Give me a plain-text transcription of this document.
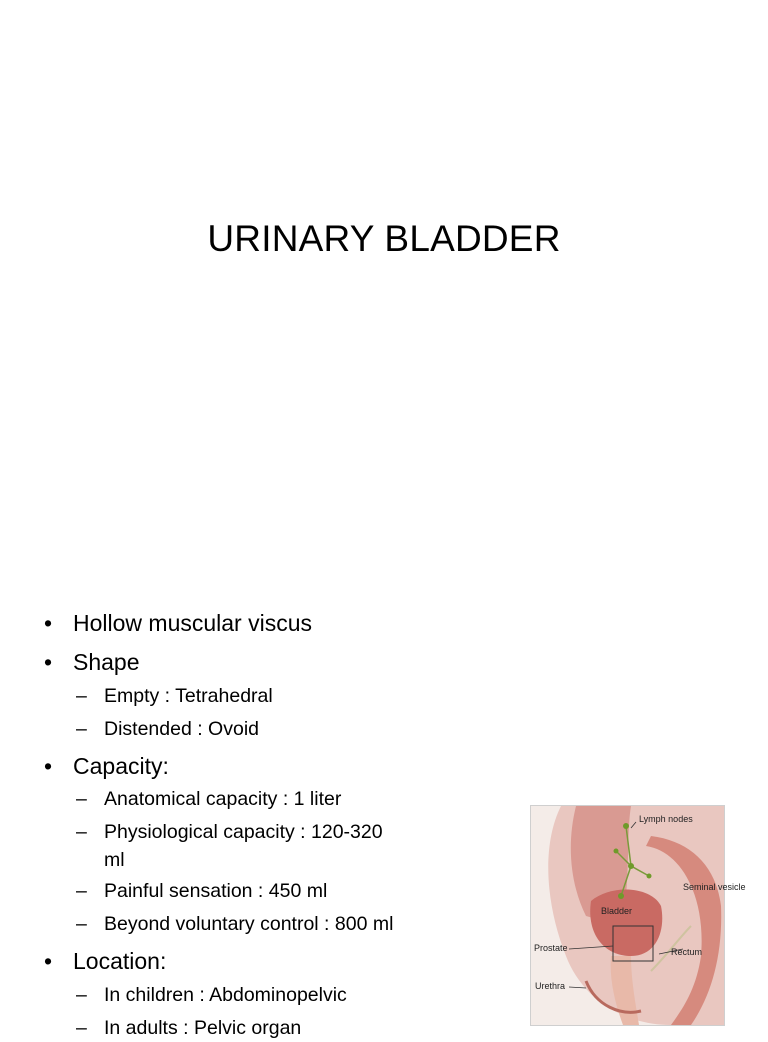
URINARY BLADDER
• Hollow muscular viscus
• Shape
– Empty : Tetrahedral
– Distended : Ovoid
• Capacity:
– Anatomical capacity : 1 liter
– Physiological capacity : 120-320 ml
– Painful sensation : 450 ml
– Beyond voluntary control : 800 ml
• Location:
– In children : Abdominopelvic
– In adults : Pelvic organ
Lymph nodes
Seminal vesicle
Bladder
Prostate	Rectum
Urethra
